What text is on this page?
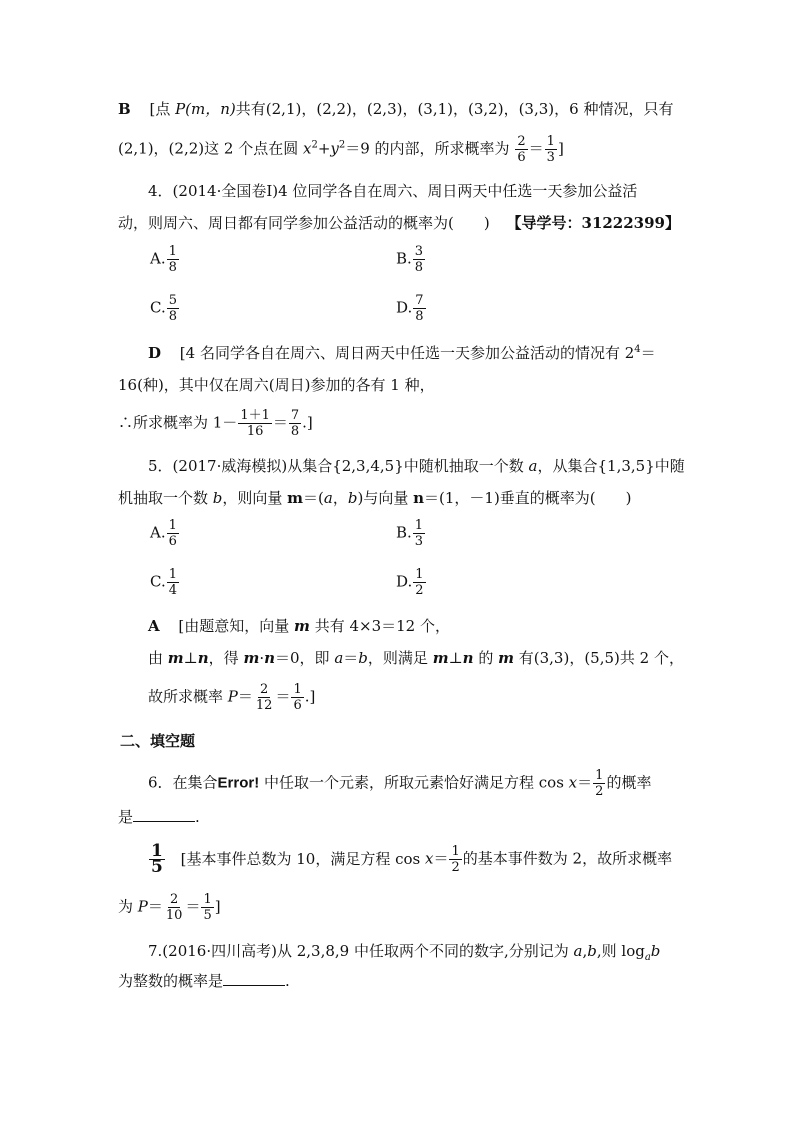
B [点 P(m，n)共有(2,1)，(2,2)，(2,3)，(3,1)，(3,2)，(3,3)，6 种情况，只有
(2,1)，(2,2)这 2 个点在圆 $x^2+y^2=9$ 的内部，所求概率为 $\frac{2}{6} = \frac{1}{3}$ ]
4．(2014·全国卷Ⅰ)4 位同学各自在周六、周日两天中任选一天参加公益活
动，则周六、周日都有同学参加公益活动的概率为(　　) 【导学号：31222399】
A. $\frac{1}{8}$	B. $\frac{3}{8}$
C. $\frac{5}{8}$	D. $\frac{7}{8}$
D [4 名同学各自在周六、周日两天中任选一天参加公益活动的情况有 $2^4=$
16(种)，其中仅在周六(周日)参加的各有 1 种，
∴所求概率为 $1- \frac{1+1}{16} = \frac{7}{8}$ .]
5．(2017·威海模拟)从集合{2,3,4,5}中随机抽取一个数 a，从集合{1,3,5}中随
机抽取一个数 b，则向量 m＝(a，b)与向量 n＝(1，－1)垂直的概率为(　　)
A. $\frac{1}{6}$	B. $\frac{1}{3}$
C. $\frac{1}{4}$	D. $\frac{1}{2}$
A [由题意知，向量 m 共有 4×3＝12 个，
由 m⊥n，得 m·n＝0，即 a＝b，则满足 m⊥n 的 m 有(3,3)，(5,5)共 2 个，
故所求概率 $P= \frac{2}{12} = \frac{1}{6}$ .]
二、填空题
6．在集合Error! 中任取一个元素，所取元素恰好满足方程 $\cos x= \frac{1}{2}$ 的概率
是	.
$\frac{1}{5}$ [基本事件总数为 10，满足方程 $\cos x= \frac{1}{2}$ 的基本事件数为 2，故所求概率
为 $P= \frac{2}{10} = \frac{1}{5}$ ]
7.(2016·四川高考)从 2,3,8,9 中任取两个不同的数字,分别记为 a,b,则 $\log_ab$
为整数的概率是	.
